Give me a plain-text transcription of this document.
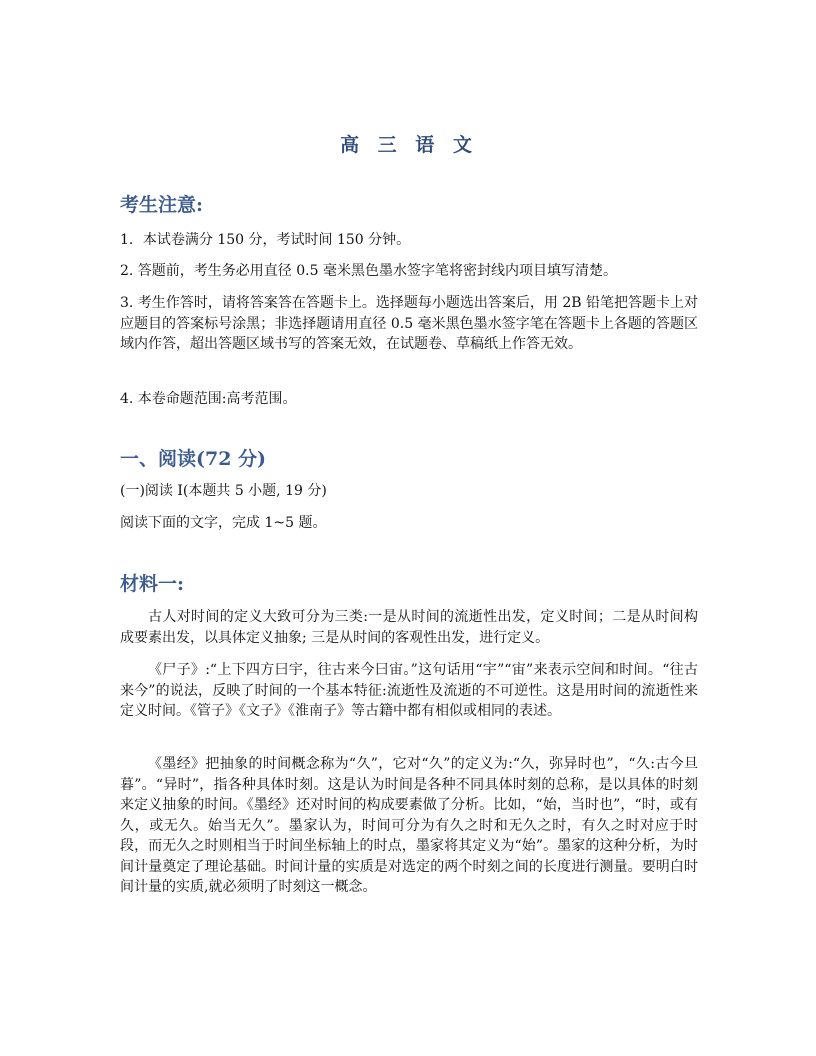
高 三 语 文
考生注意:
1．本试卷满分 150 分，考试时间 150 分钟。
2. 答题前，考生务必用直径 0.5 毫米黑色墨水签字笔将密封线内项目填写清楚。
3. 考生作答时，请将答案答在答题卡上。选择题每小题选出答案后，用 2B 铅笔把答题卡上对应题目的答案标号涂黑；非选择题请用直径 0.5 毫米黑色墨水签字笔在答题卡上各题的答题区域内作答，超出答题区域书写的答案无效，在试题卷、草稿纸上作答无效。
4. 本卷命题范围:高考范围。
一、阅读(72 分)
(一)阅读 I(本题共 5 小题, 19 分)
阅读下面的文字，完成 1~5 题。
材料一:
古人对时间的定义大致可分为三类:一是从时间的流逝性出发，定义时间；二是从时间构成要素出发，以具体定义抽象; 三是从时间的客观性出发，进行定义。
《尸子》:“上下四方曰宇，往古来今曰宙。”这句话用“宇”“宙”来表示空间和时间。“往古来今”的说法，反映了时间的一个基本特征:流逝性及流逝的不可逆性。这是用时间的流逝性来定义时间。《管子》《文子》《淮南子》等古籍中都有相似或相同的表述。
《墨经》把抽象的时间概念称为“久”，它对“久”的定义为:“久，弥异时也”，“久:古今旦暮”。“异时”，指各种具体时刻。这是认为时间是各种不同具体时刻的总称，是以具体的时刻来定义抽象的时间。《墨经》还对时间的构成要素做了分析。比如，“始，当时也”，“时，或有久，或无久。始当无久”。墨家认为，时间可分为有久之时和无久之时，有久之时对应于时段，而无久之时则相当于时间坐标轴上的时点，墨家将其定义为“始”。墨家的这种分析，为时间计量奠定了理论基础。时间计量的实质是对选定的两个时刻之间的长度进行测量。要明白时间计量的实质,就必须明了时刻这一概念。
